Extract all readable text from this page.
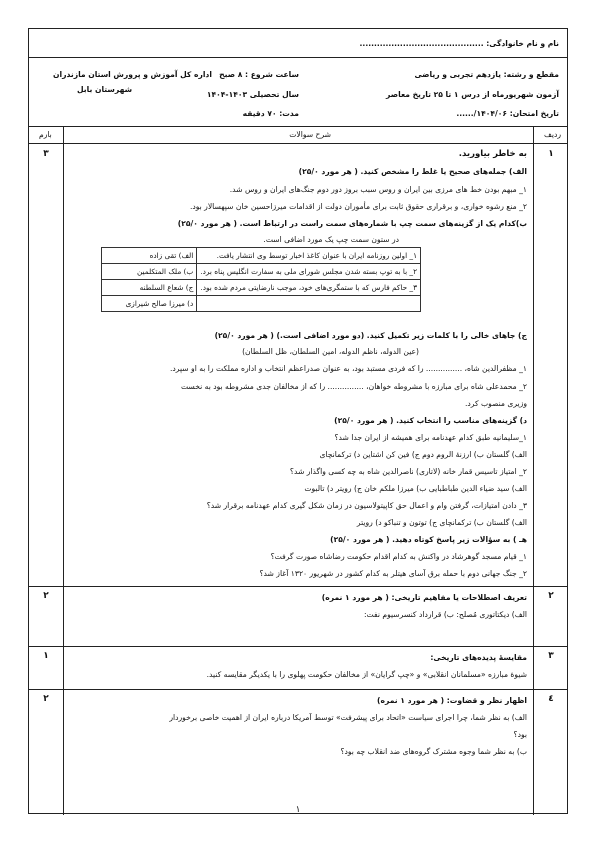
نام و نام خانوادگی: ...........................................
مقطع و رشته: یازدهم تجربی و ریاضی
ساعت شروع : ۸ صبح
اداره کل آموزش و پرورش استان مازندران
آزمون شهریورماه از درس ۱ تا ۲۵ تاریخ معاصر
سال تحصیلی ۱۴۰۳-۱۴۰۴
شهرستان بابل
تاریخ امتحان: ۱۴۰۴/۰۶/......
مدت: ۷۰ دقیقه
ردیف
شرح سوالات
بارم
۱
۳	به خاطر بیاورید.
الف) جمله‌های صحیح یا غلط را مشخص کنید. ( هر مورد ۲۵/۰)
۱_ مبهم بودن خط های مرزی بین ایران و روس سبب بروز دور دوم جنگ‌های ایران و روس شد.
۲_ منع رشوه خواری، و برقراری حقوق ثابت برای مأموران دولت از اقدامات میرزاحسین خان سپهسالار بود.
ب)کدام یک از گزینه‌های سمت چپ با شماره‌های سمت راست در ارتباط است. ( هر مورد ۲۵/۰)
در ستون سمت چپ یک مورد اضافی است.
۱_ اولین روزنامه ایران با عنوان کاغذ اخبار توسط وی انتشار یافت.	الف) تقی زاده
۲_ با به توپ بسته شدن مجلس شورای ملی به سفارت انگلیس پناه برد.	ب) ملک المتکلمین
۳_ حاکم فارس که با ستمگری‌های خود، موجب نارضایتی مردم شده بود.	ج) شعاع السلطنه
	د) میرزا صالح شیرازی
ج) جاهای خالی را با کلمات زیر تکمیل کنید. (دو مورد اضافی است.) ( هر مورد ۲۵/۰)
(عین الدوله، ناظم الدوله، امین السلطان، ظل السلطان)
۱_ مظفرالدین شاه، ............... را که فردی مستبد بود، به عنوان صدراعظم انتخاب و اداره مملکت را به او سپرد.
۲_ محمدعلی شاه برای مبارزه با مشروطه خواهان، ............... را که از مخالفان جدی مشروطه بود به نخست
وزیری منصوب کرد.
د) گزینه‌های مناسب را انتخاب کنید. ( هر مورد ۲۵/۰)
۱_سلیمانیه طبق کدام عهدنامه برای همیشه از ایران جدا شد؟
الف) گلستان ب) ارزنهٔ الروم دوم ج) فین کن اشتاین د) ترکمانچای
۲_ امتیاز تاسیس قمار خانه (لاتاری) ناصرالدین شاه به چه کسی واگذار شد؟
الف) سید ضیاء الدین طباطبایی ب) میرزا ملکم خان ج) رویتر د) تالبوت
۳_ دادن امتیازات، گرفتن وام و اعمال حق کاپیتولاسیون در زمان شکل گیری کدام عهدنامه برقرار شد؟
الف) گلستان ب) ترکمانچای ج) توتون و تنباکو د) رویتر
هـ ) به سؤالات زیر پاسخ کوتاه دهید. ( هر مورد ۲۵/۰)
۱_ قیام مسجد گوهرشاد در واکنش به کدام اقدام حکومت رضاشاه صورت گرفت؟
۲_ جنگ جهانی دوم با حمله برق آسای هیتلر به کدام کشور در شهریور ۱۳۲۰ آغاز شد؟
۲
۲	تعریف اصطلاحات یا مفاهیم تاریخی: ( هر مورد ۱ نمره)
الف) دیکتاتوری مُصلح: ب) قرارداد کنسرسیوم نفت:
۳
۱	مقایسهٔ پدیده‌های تاریخی:
شیوهٔ مبارزه «مسلمانان انقلابی» و «چپ گرایان» از مخالفان حکومت پهلوی را با یکدیگر مقایسه کنید.
٤
۲	اظهار نظر و قضاوت: ( هر مورد ۱ نمره)
الف) به نظر شما، چرا اجرای سیاست «اتحاد برای پیشرفت» توسط آمریکا درباره ایران از اهمیت خاصی برخوردار
بود؟
ب) به نظر شما وجوه مشترک گروه‌های ضد انقلاب چه بود؟
۱
